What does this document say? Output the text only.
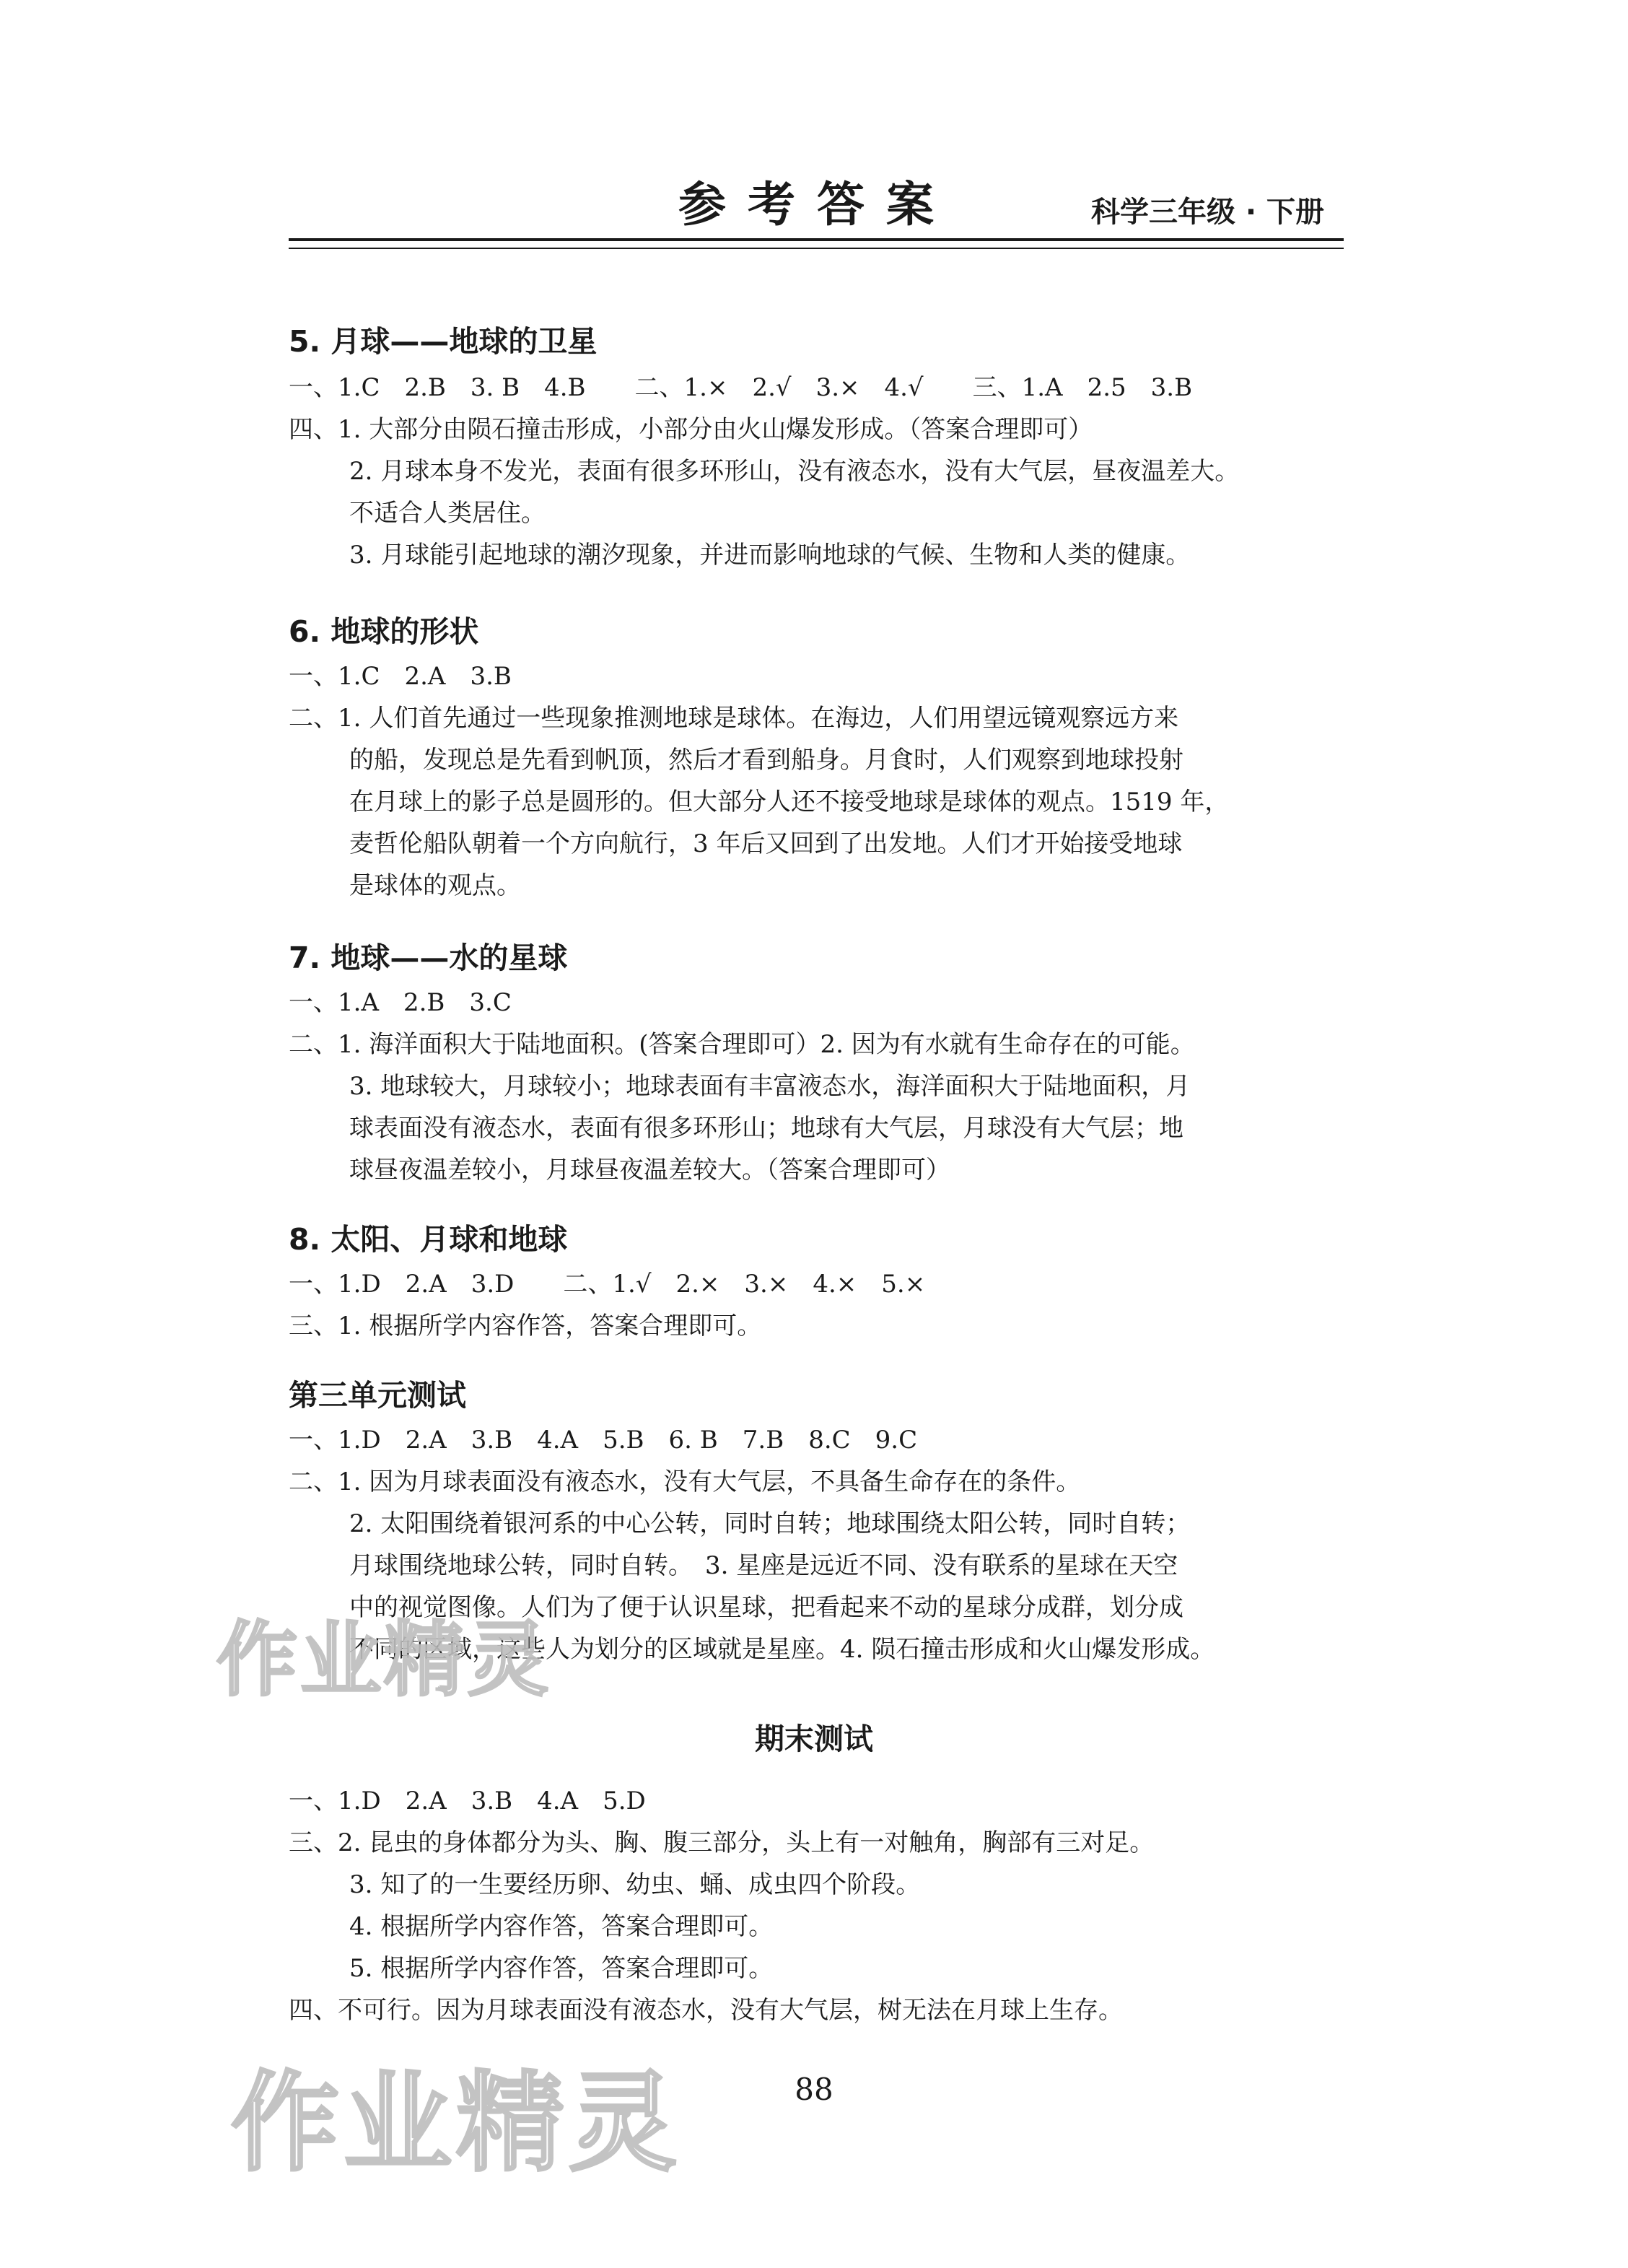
参考答案	科学三年级 · 下册
5. 月球——地球的卫星
一、1.C　2.B　3. B　4.B　　二、1.×　2.√　3.×　4.√　　三、1.A　2.5　3.B
四、1. 大部分由陨石撞击形成，小部分由火山爆发形成。（答案合理即可）
2. 月球本身不发光，表面有很多环形山，没有液态水，没有大气层，昼夜温差大。
不适合人类居住。
3. 月球能引起地球的潮汐现象，并进而影响地球的气候、生物和人类的健康。
6. 地球的形状
一、1.C　2.A　3.B
二、1. 人们首先通过一些现象推测地球是球体。在海边，人们用望远镜观察远方来
的船，发现总是先看到帆顶，然后才看到船身。月食时，人们观察到地球投射
在月球上的影子总是圆形的。但大部分人还不接受地球是球体的观点。1519 年，
麦哲伦船队朝着一个方向航行，3 年后又回到了出发地。人们才开始接受地球
是球体的观点。
7. 地球——水的星球
一、1.A　2.B　3.C
二、1. 海洋面积大于陆地面积。(答案合理即可）2. 因为有水就有生命存在的可能。
3. 地球较大，月球较小；地球表面有丰富液态水，海洋面积大于陆地面积，月
球表面没有液态水，表面有很多环形山；地球有大气层，月球没有大气层；地
球昼夜温差较小，月球昼夜温差较大。（答案合理即可）
8. 太阳、月球和地球
一、1.D　2.A　3.D　　二、1.√　2.×　3.×　4.×　5.×
三、1. 根据所学内容作答，答案合理即可。
第三单元测试
一、1.D　2.A　3.B　4.A　5.B　6. B　7.B　8.C　9.C
二、1. 因为月球表面没有液态水，没有大气层，不具备生命存在的条件。
2. 太阳围绕着银河系的中心公转，同时自转；地球围绕太阳公转，同时自转；
月球围绕地球公转，同时自转。　3. 星座是远近不同、没有联系的星球在天空
中的视觉图像。人们为了便于认识星球，把看起来不动的星球分成群，划分成
不同的区域，这些人为划分的区域就是星座。4. 陨石撞击形成和火山爆发形成。
期末测试
一、1.D　2.A　3.B　4.A　5.D
三、2. 昆虫的身体都分为头、胸、腹三部分，头上有一对触角，胸部有三对足。
3. 知了的一生要经历卵、幼虫、蛹、成虫四个阶段。
4. 根据所学内容作答，答案合理即可。
5. 根据所学内容作答，答案合理即可。
四、不可行。因为月球表面没有液态水，没有大气层，树无法在月球上生存。
88
作业精灵
作业精灵
